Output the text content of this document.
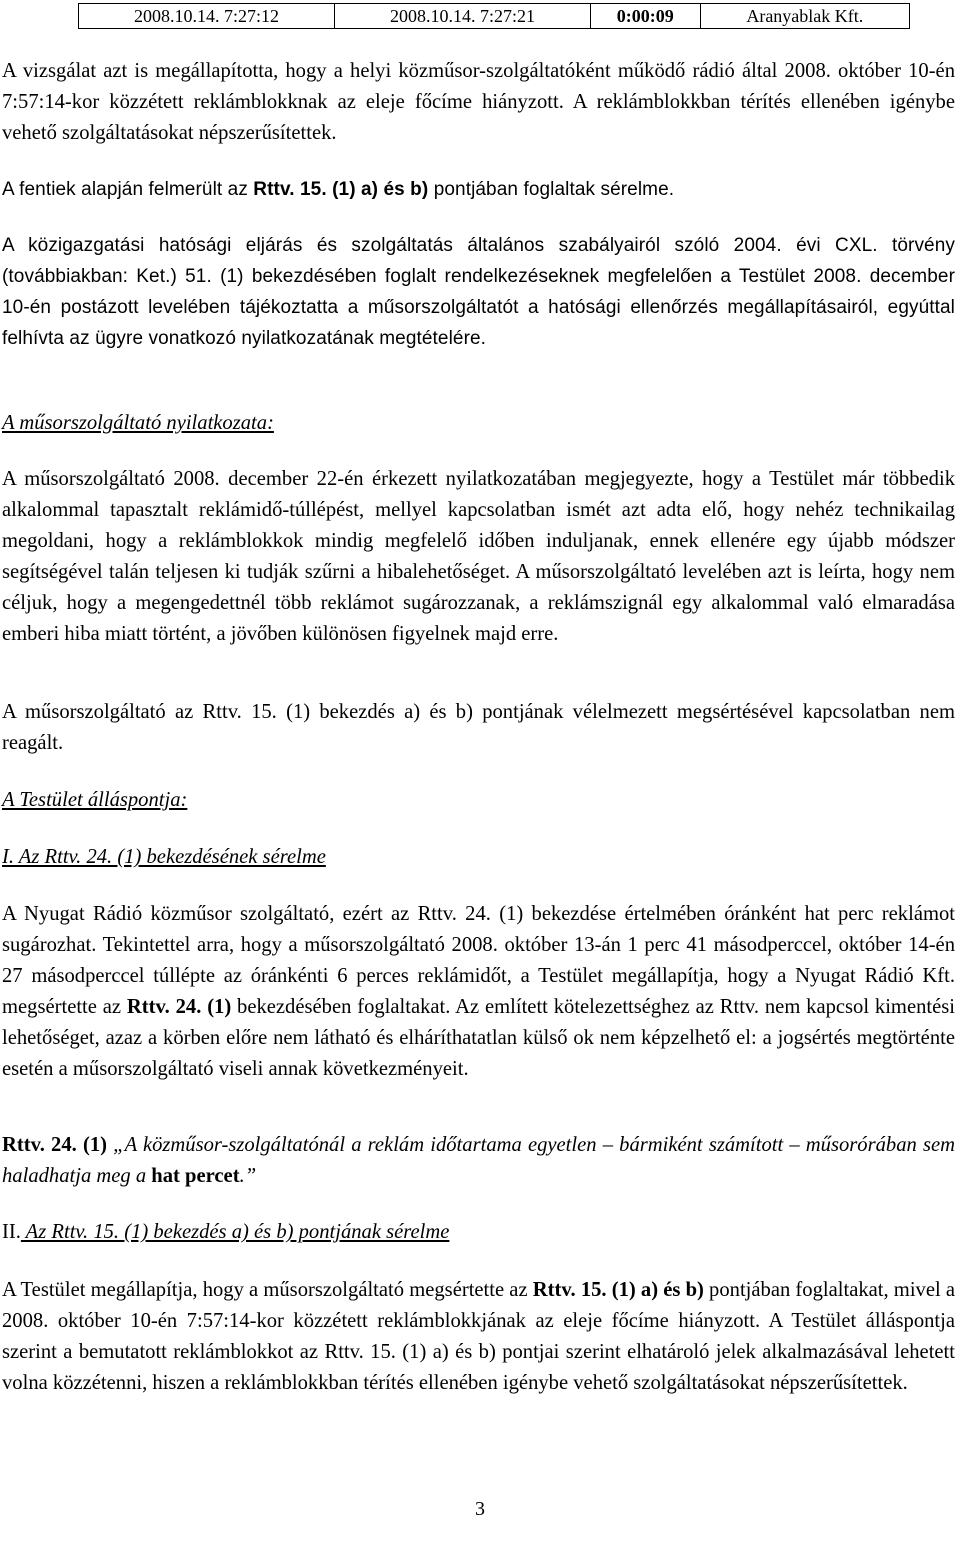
2008.10.14. 7:27:12	2008.10.14. 7:27:21	0:00:09	Aranyablak Kft.
A vizsgálat azt is megállapította, hogy a helyi közműsor-szolgáltatóként működő rádió által 2008. október 10-én 7:57:14-kor közzétett reklámblokknak az eleje főcíme hiányzott. A reklámblokkban térítés ellenében igénybe vehető szolgáltatásokat népszerűsítettek.
A fentiek alapján felmerült az Rttv. 15. (1) a) és b) pontjában foglaltak sérelme.
A közigazgatási hatósági eljárás és szolgáltatás általános szabályairól szóló 2004. évi CXL. törvény (továbbiakban: Ket.) 51. (1) bekezdésében foglalt rendelkezéseknek megfelelően a Testület 2008. december 10-én postázott levelében tájékoztatta a műsorszolgáltatót a hatósági ellenőrzés megállapításairól, egyúttal felhívta az ügyre vonatkozó nyilatkozatának megtételére.
A műsorszolgáltató nyilatkozata:
A műsorszolgáltató 2008. december 22-én érkezett nyilatkozatában megjegyezte, hogy a Testület már többedik alkalommal tapasztalt reklámidő-túllépést, mellyel kapcsolatban ismét azt adta elő, hogy nehéz technikailag megoldani, hogy a reklámblokkok mindig megfelelő időben induljanak, ennek ellenére egy újabb módszer segítségével talán teljesen ki tudják szűrni a hibalehetőséget. A műsorszolgáltató levelében azt is leírta, hogy nem céljuk, hogy a megengedettnél több reklámot sugározzanak, a reklámszignál egy alkalommal való elmaradása emberi hiba miatt történt, a jövőben különösen figyelnek majd erre.
A műsorszolgáltató az Rttv. 15. (1) bekezdés a) és b) pontjának vélelmezett megsértésével kapcsolatban nem reagált.
A Testület álláspontja:
I. Az Rttv. 24. (1) bekezdésének sérelme
A Nyugat Rádió közműsor szolgáltató, ezért az Rttv. 24. (1) bekezdése értelmében óránként hat perc reklámot sugározhat. Tekintettel arra, hogy a műsorszolgáltató 2008. október 13-án 1 perc 41 másodperccel, október 14-én 27 másodperccel túllépte az óránkénti 6 perces reklámidőt, a Testület megállapítja, hogy a Nyugat Rádió Kft. megsértette az Rttv. 24. (1) bekezdésében foglaltakat. Az említett kötelezettséghez az Rttv. nem kapcsol kimentési lehetőséget, azaz a körben előre nem látható és elháríthatatlan külső ok nem képzelhető el: a jogsértés megtörténte esetén a műsorszolgáltató viseli annak következményeit.
Rttv. 24. (1) „A közműsor-szolgáltatónál a reklám időtartama egyetlen – bármiként számított – műsorórában sem haladhatja meg a hat percet.”
II. Az Rttv. 15. (1) bekezdés a) és b) pontjának sérelme
A Testület megállapítja, hogy a műsorszolgáltató megsértette az Rttv. 15. (1) a) és b) pontjában foglaltakat, mivel a 2008. október 10-én 7:57:14-kor közzétett reklámblokkjának az eleje főcíme hiányzott. A Testület álláspontja szerint a bemutatott reklámblokkot az Rttv. 15. (1) a) és b) pontjai szerint elhatároló jelek alkalmazásával lehetett volna közzétenni, hiszen a reklámblokkban térítés ellenében igénybe vehető szolgáltatásokat népszerűsítettek.
3
